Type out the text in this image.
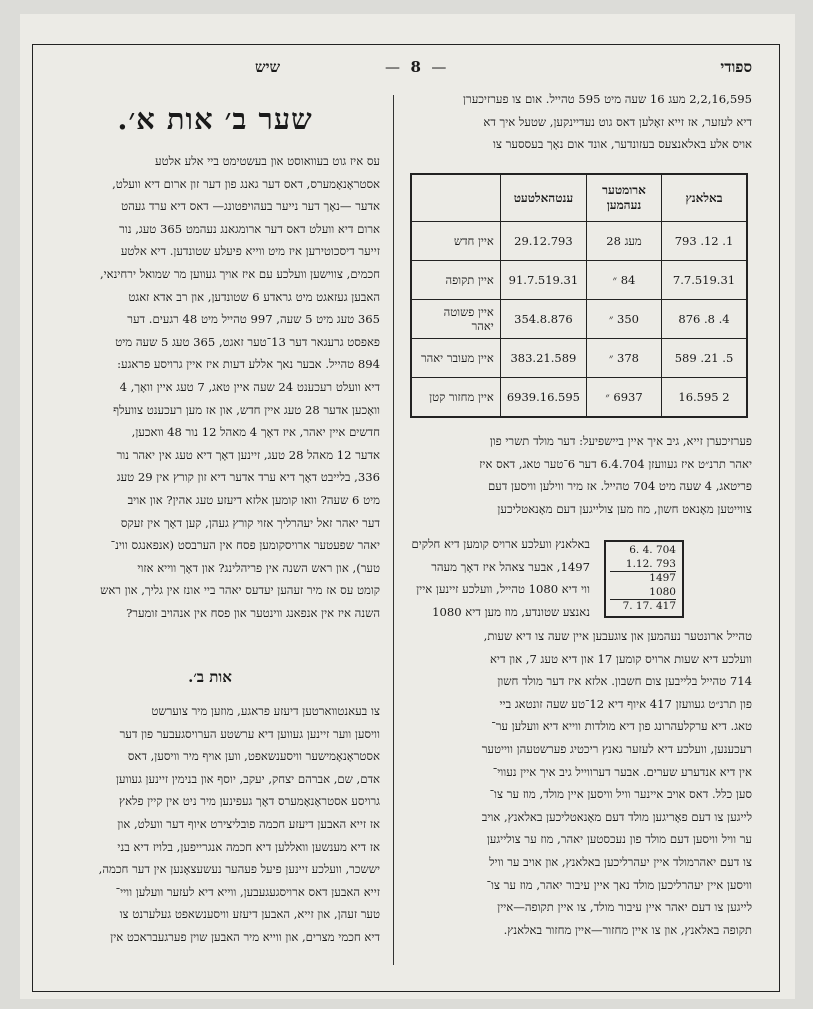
ספודי
—  8  —
שיש

2,2,16,595 מעג 16 שעה מיט 595 טהייל. אום צו פערזיכערן

דיא לעזער, אז זייא זאָלען דאס גוט נעדיינקען, שטעל איך דא

אויס אלע באלאנצעס בעזונדער, אונד אום נאָך בעססער צו

באלאנץ	ארומטער נעהמען	ענטהאלטעט	
1. 12. 793	מעג 28	29.12.793	איין חדש
7.7.519.31	84 ״	91.7.519.31	איין תקופה
4. 8. 876	350 ״	354.8.876	איין פשוטה יאהר
5. 21. 589	378 ״	383.21.589	איין מעובר יאהר
2 16.595	6937 ״	6939.16.595	איין מחזור קטן

פערזיכערן זייא, גיב איך איין ביישפיעל: דער מולד תשרי פון

יאהר תרנ״ט איז געוועזן 6.4.704 דער 6־טער טאג, דאס איז

פריטאג, 4 שעה מיט 704 טהייל. אז מיר ווילען וויסען דעם

צווייטען מאָנאט חשון, מוז מען צולייגען דעם מאָנאטליכען

באלאנץ וועלכע ארויס קומען דיא חלקים

1497, אבער צאהל איז דאָך מעהר

ווי דיא 1080 טהייל, וועלכע זיינען איין

נאנצע שטונדע, מוז מען דיא 1080

6. 4. 704
1.12. 793
1497
1080
7. 17. 417

טהייל ארונטער נעהמען און צוגעבען איין שעה צו דיא שעות,

וועלכע דיא שעות ארויס קומען 17 און דיא טעג 7, און דיא

714 טהייל בלייבען צום חשבון. אלזא איז דער מולד חשון

פון תרנ״ט געוועזן 417 איוף דיא 12־טע שעה זונטאג ביי

טאג. דיא ערקלעהרונג פון דיא מולדות ווייא דיא וועלען ער־

רעכענען, וועלכע דיא לעזער גאנץ ריכטיג פערשטעהן ווייטער

אין דיא אנדערע שערים. אבער דערווייל גיב איך איין נעווי־

סען כלל. דאס אויב איינער וויל וויסען איין מולד, מוז ער צו־

לייגען צו דעם פאָריגען מולד דעם מאָנאטליכען באלאנץ, אויב

ער וויל וויסען דעם מולד פון נעכסטען יאהר, מוז ער צולייגען

צו דעם יאהרמולד איין יעהרליכען באלאנץ, און אויב ער וויל

וויסען איין יעהרליכען מולד נאך איין עיבור יאהר, מוז ער צו־

לייגען צו דעם יאהר איין עיבור מולד, צו איין תקופה—איין

תקופה באלאנץ, און צו איין מחזור—איין מחזור באלאנץ.

שער ב׳ אות א׳.

עס איז גוט בעוואוסט און בעשטימט ביי אלע אלטע

אסטראָנאָמערס, דאס דער גאנג פון דער זון ארום דיא וועלט,

אדער —נאָך דער נייער בעהויפטונג— דאס דיא ערד געהט

ארום דיא וועלט דאס דער ארומגאנג נעהמט 365 טעג, נור

זייער דיסכוטירען איז מיט ווייא פיעלע שטונדען. דיא אלטע

חכמים, צווישען וועלכע עם איז אויך געווען מר שמואל ירחינאי,

האבען געזאגט מיט גראדע 6 שטונדען, און רב אדא זאגט

365 טעג מיט 5 שעה, 997 טהייל מיט 48 רגעים. דער

פאפסט גרעגאר דער 13־טער זאגט, 365 טעג 5 שעה מיט

894 טהייל. אבער נאך אללע דעות איז איין גרויסע פראגע:

דיא וועלט רעכענט 24 שעה איין טאג, 7 טעג איין וואָך, 4

וואָכען אדער 28 טעג איין חדש, און אז מען רעכענט צוועלף

חדשים איין יאהר, איז דאָך 4 מאהל 12 נור 48 וואכען,

אדער 12 מאהל 28 טעג, זיינען דאָך דיא טעג אין יאהר נור

336, בלייבט דאָך דיא ערד אדער דיא זון קורץ אין 29 טעג

מיט 6 שעה? וואו קומען אלזא דיעזע טעג אהין? און אויב

דער יאהר זאל יעהרליך אזוי קורץ געהן, קען דאָך אין זעקס

יאהר שפעטער ארויסקומען פסח אין הערבסט (אנפאנגס ווינ־

טער), און ראש השנה אין פריהלינג? און דאָך ווייא אזוי

קומט עס אז מיר זעהען יעדעס יאהר ביי אונז אין גליך, און ראש

השנה איז אין אנפאנג ווינטער און פסח אין אנהויב זומער?

אות ב׳.

צו בעאנטווארטען דיעזע פראגע, מוזען מיר צוערשט

וויסען ווער זיינען געווען דיא ערשטע הערויסגעבער פון דער

אסטראָנאָמישער וויסענשאפט, ווען אויף מיר וויסען, דאס

אדם, שם, אברהם יצחק, יעקב, יוסף און בנימין זיינען געווען

גרויסע אסטראָנאָמערס דאָך געפינען מיר ניט אין קיין פלאץ

אז זייא האבען דיעזע חכמה פובליצירט איוף דער וועלט, און

אז דיא מענשען וואללען דיא חכמה אנגרייפען, בלויז דיא בני

יששכר, וועלכע זיינען פיעל פעהער נעשעצאָנען אין דער חכמה,

זייא האבען דאס ארויסגעגעבען, ווייא דיא לעזער וועלען וויי־

טער זעהן, און זייא, האבען דיעזע וויסענשאפט געלערנט צו

דיא חכמי מצרים, און ווייא מיר האבען שוין פערגעבראכט אין
